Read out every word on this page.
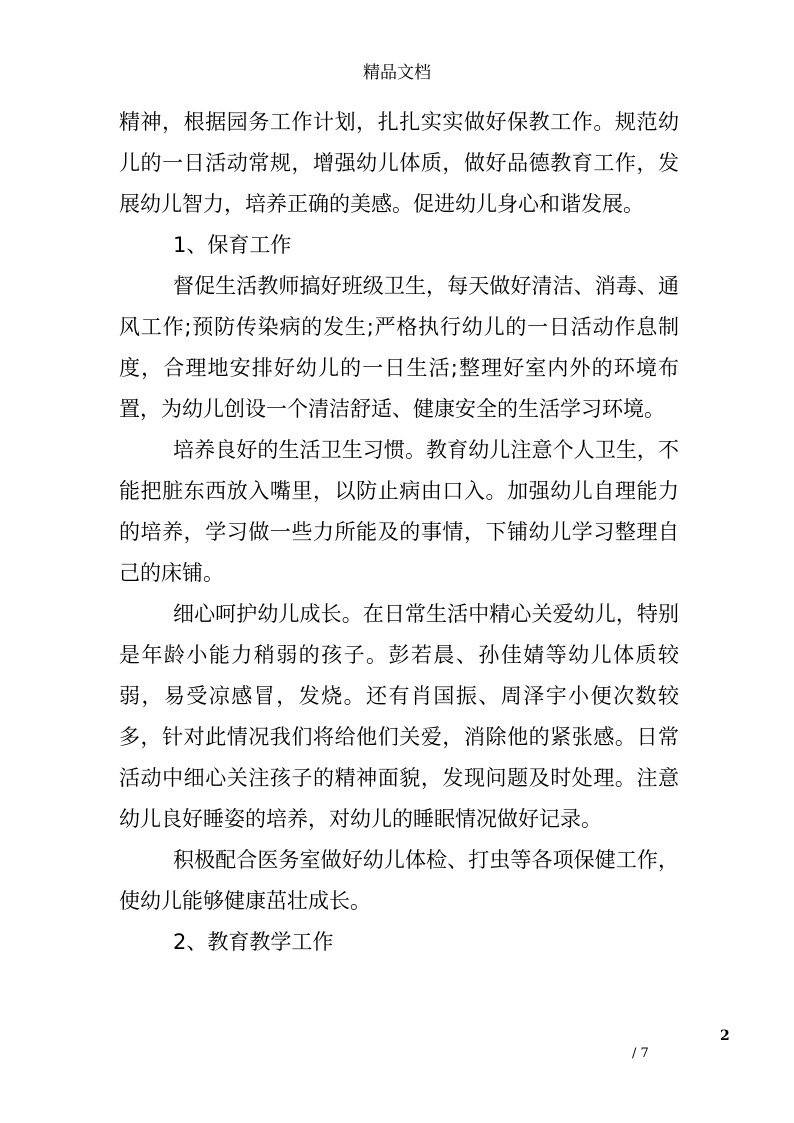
精品文档

精神，根据园务工作计划，扎扎实实做好保教工作。规范幼儿的一日活动常规，增强幼儿体质，做好品德教育工作，发展幼儿智力，培养正确的美感。促进幼儿身心和谐发展。

1、保育工作

督促生活教师搞好班级卫生，每天做好清洁、消毒、通风工作;预防传染病的发生;严格执行幼儿的一日活动作息制度，合理地安排好幼儿的一日生活;整理好室内外的环境布置，为幼儿创设一个清洁舒适、健康安全的生活学习环境。

培养良好的生活卫生习惯。教育幼儿注意个人卫生，不能把脏东西放入嘴里，以防止病由口入。加强幼儿自理能力的培养，学习做一些力所能及的事情，下铺幼儿学习整理自己的床铺。

细心呵护幼儿成长。在日常生活中精心关爱幼儿，特别是年龄小能力稍弱的孩子。彭若晨、孙佳婧等幼儿体质较弱，易受凉感冒，发烧。还有肖国振、周泽宇小便次数较多，针对此情况我们将给他们关爱，消除他的紧张感。日常活动中细心关注孩子的精神面貌，发现问题及时处理。注意幼儿良好睡姿的培养，对幼儿的睡眠情况做好记录。

积极配合医务室做好幼儿体检、打虫等各项保健工作，使幼儿能够健康茁壮成长。

2、教育教学工作

2
/ 7
